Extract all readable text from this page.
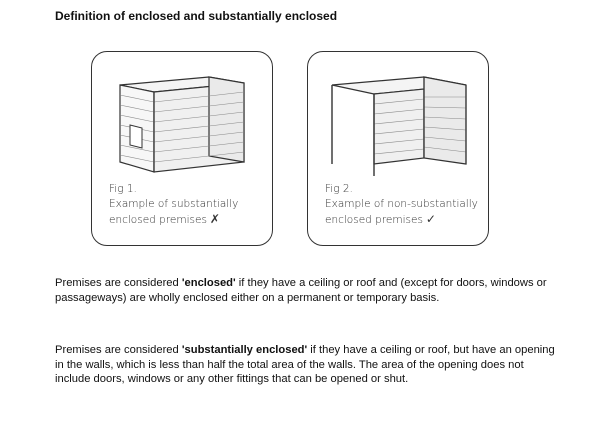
Definition of enclosed and substantially enclosed
Fig 1.
Example of substantially
enclosed premises ✗
Fig 2.
Example of non-substantially
enclosed premises ✓
Premises are considered 'enclosed' if they have a ceiling or roof and (except for doors, windows or passageways) are wholly enclosed either on a permanent or temporary basis.
Premises are considered 'substantially enclosed' if they have a ceiling or roof, but have an opening in the walls, which is less than half the total area of the walls. The area of the opening does not include doors, windows or any other fittings that can be opened or shut.
